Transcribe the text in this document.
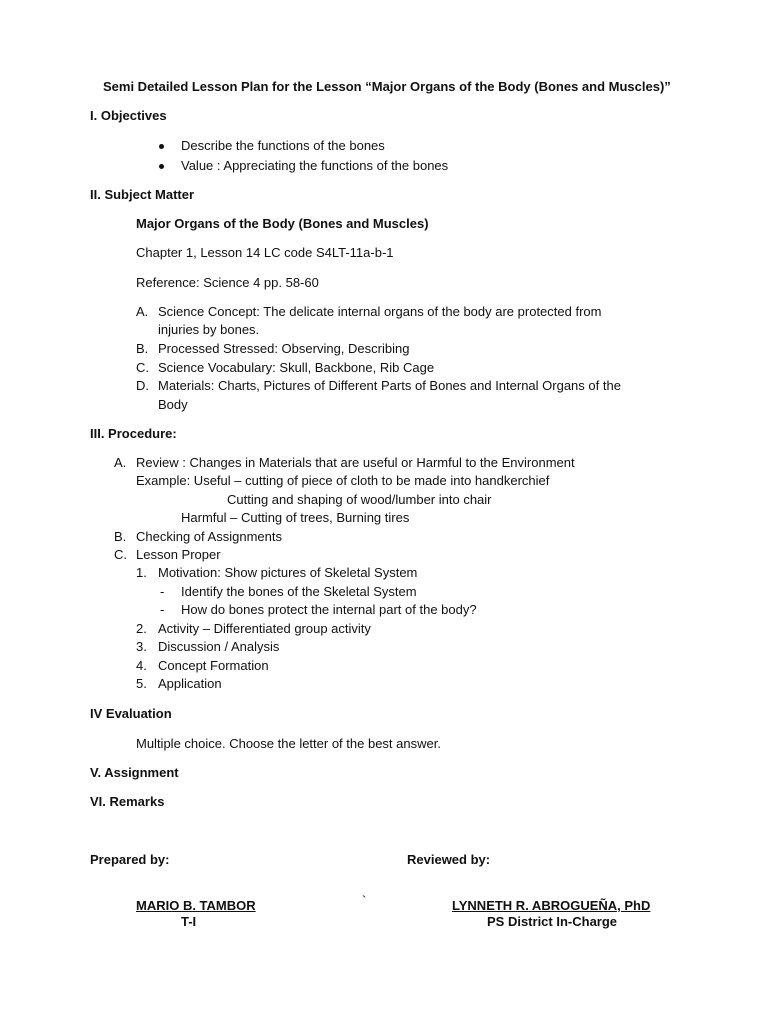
Semi Detailed Lesson Plan for the Lesson “Major Organs of the Body (Bones and Muscles)”
I. Objectives
Describe the functions of the bones
Value : Appreciating the functions of the bones
II. Subject Matter
Major Organs of the Body (Bones and Muscles)
Chapter 1, Lesson 14 LC code S4LT-11a-b-1
Reference: Science 4 pp. 58-60
A. Science Concept: The delicate internal organs of the body are protected from
injuries by bones.
B. Processed Stressed: Observing, Describing
C. Science Vocabulary: Skull, Backbone, Rib Cage
D. Materials: Charts, Pictures of Different Parts of Bones and Internal Organs of the
Body
III. Procedure:
A. Review : Changes in Materials that are useful or Harmful to the Environment
Example: Useful – cutting of piece of cloth to be made into handkerchief
Cutting and shaping of wood/lumber into chair
Harmful – Cutting of trees, Burning tires
B. Checking of Assignments
C. Lesson Proper
1. Motivation: Show pictures of Skeletal System
- Identify the bones of the Skeletal System
- How do bones protect the internal part of the body?
2. Activity – Differentiated group activity
3. Discussion / Analysis
4. Concept Formation
5. Application
IV Evaluation
Multiple choice. Choose the letter of the best answer.
V. Assignment
VI. Remarks
Prepared by:	Reviewed by:
MARIO B. TAMBOR	`	LYNNETH R. ABROGUEÑA, PhD
T-I	PS District In-Charge
